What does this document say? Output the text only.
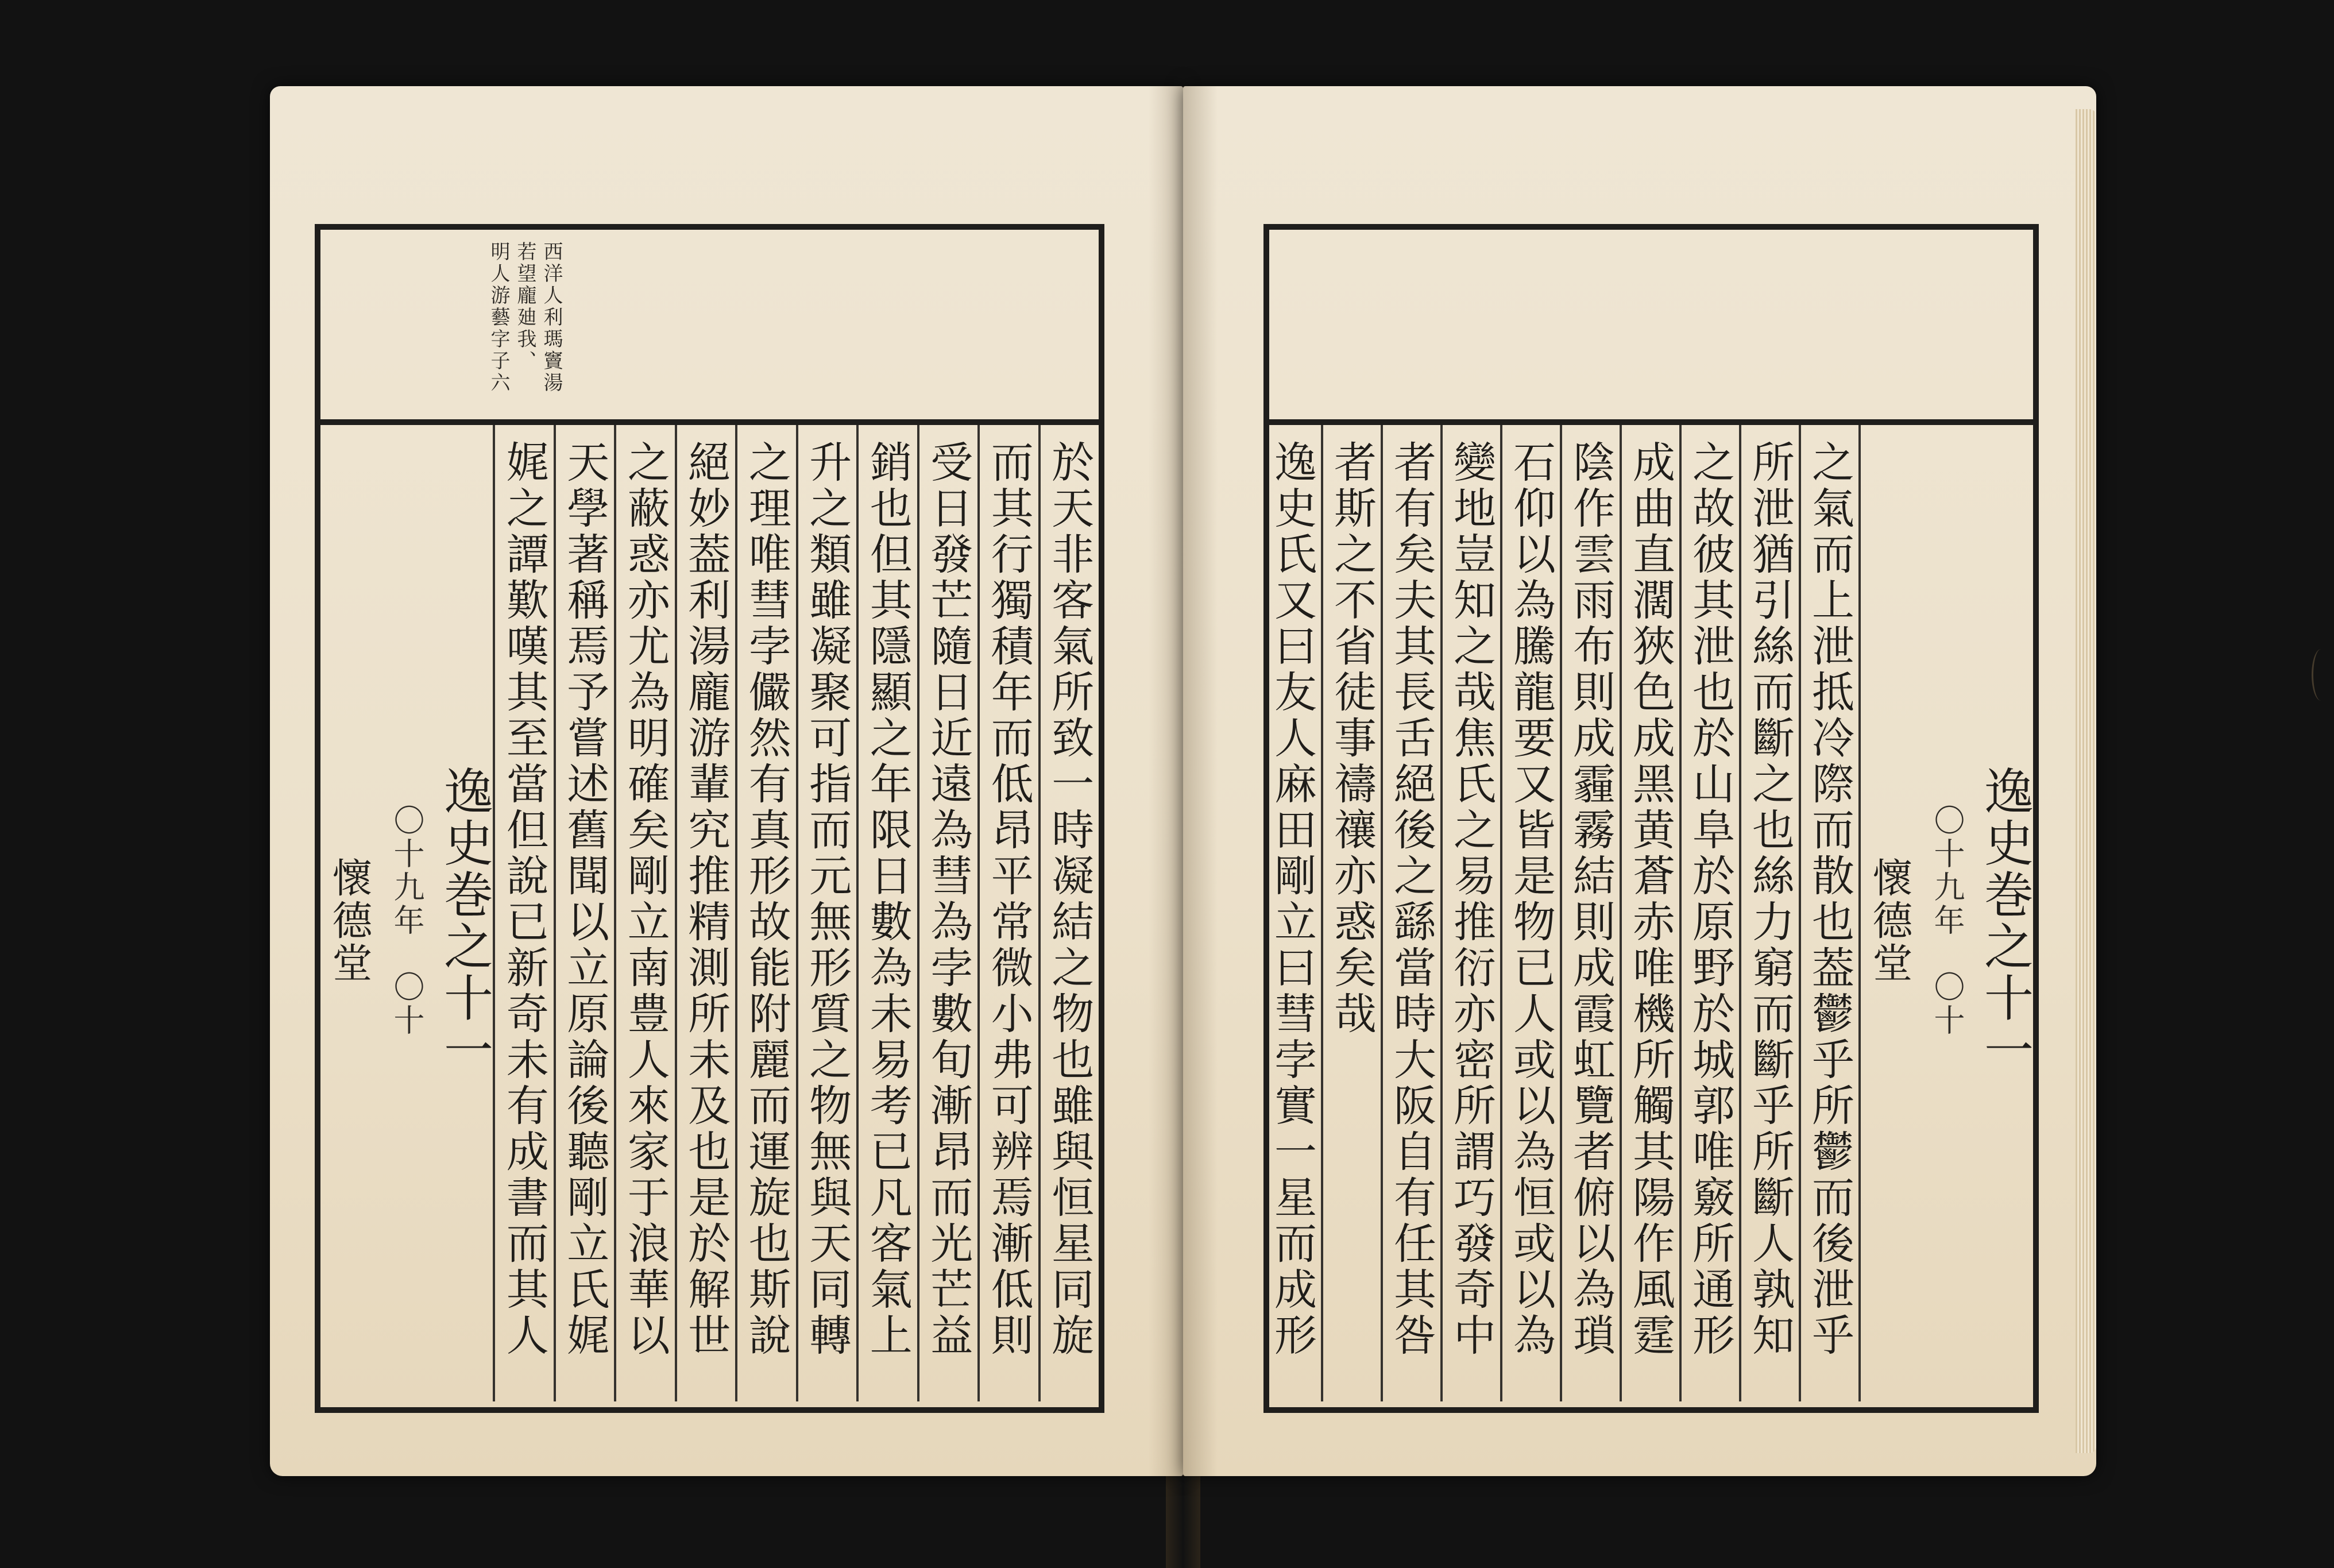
西洋人利瑪竇湯
若望龐廸我、
明人游藝字子六
於天非客氣所致一時凝結之物也雖與恒星同旋
而其行獨積年而低昂平常微小弗可辨焉漸低則
受日發芒隨日近遠為彗為孛數旬漸昂而光芒益
銷也但其隱顯之年限日數為未易考已凡客氣上
升之類雖凝聚可指而元無形質之物無與天同轉
之理唯彗孛儼然有真形故能附麗而運旋也斯說
絕妙葢利湯龐游輩究推精測所未及也是於解世
之蔽惑亦尤為明確矣剛立南豊人來家于浪華以
天學著稱焉予嘗述舊聞以立原論後聽剛立氏娓
娓之譚歎嘆其至當但說已新奇未有成書而其人
逸史巻之十一
〇十九年　〇十
懷德堂	逸史巻之十一
〇十九年　〇十
懷德堂
之氣而上泄抵冷際而散也葢鬱乎所鬱而後泄乎
所泄猶引絲而斷之也絲力窮而斷乎所斷人孰知
之故彼其泄也於山阜於原野於城郭唯竅所通形
成曲直濶狹色成黑黄蒼赤唯機所觸其陽作風霆
陰作雲雨布則成霾霧結則成霞虹覽者俯以為瑣
石仰以為騰龍要又皆是物已人或以為恒或以為
變地豈知之哉焦氏之易推衍亦密所謂巧發奇中
者有矣夫其長舌絕後之繇當時大阪自有任其咎
者斯之不省徒事禱禳亦惑矣哉
逸史氏又曰友人麻田剛立曰彗孛實一星而成形
